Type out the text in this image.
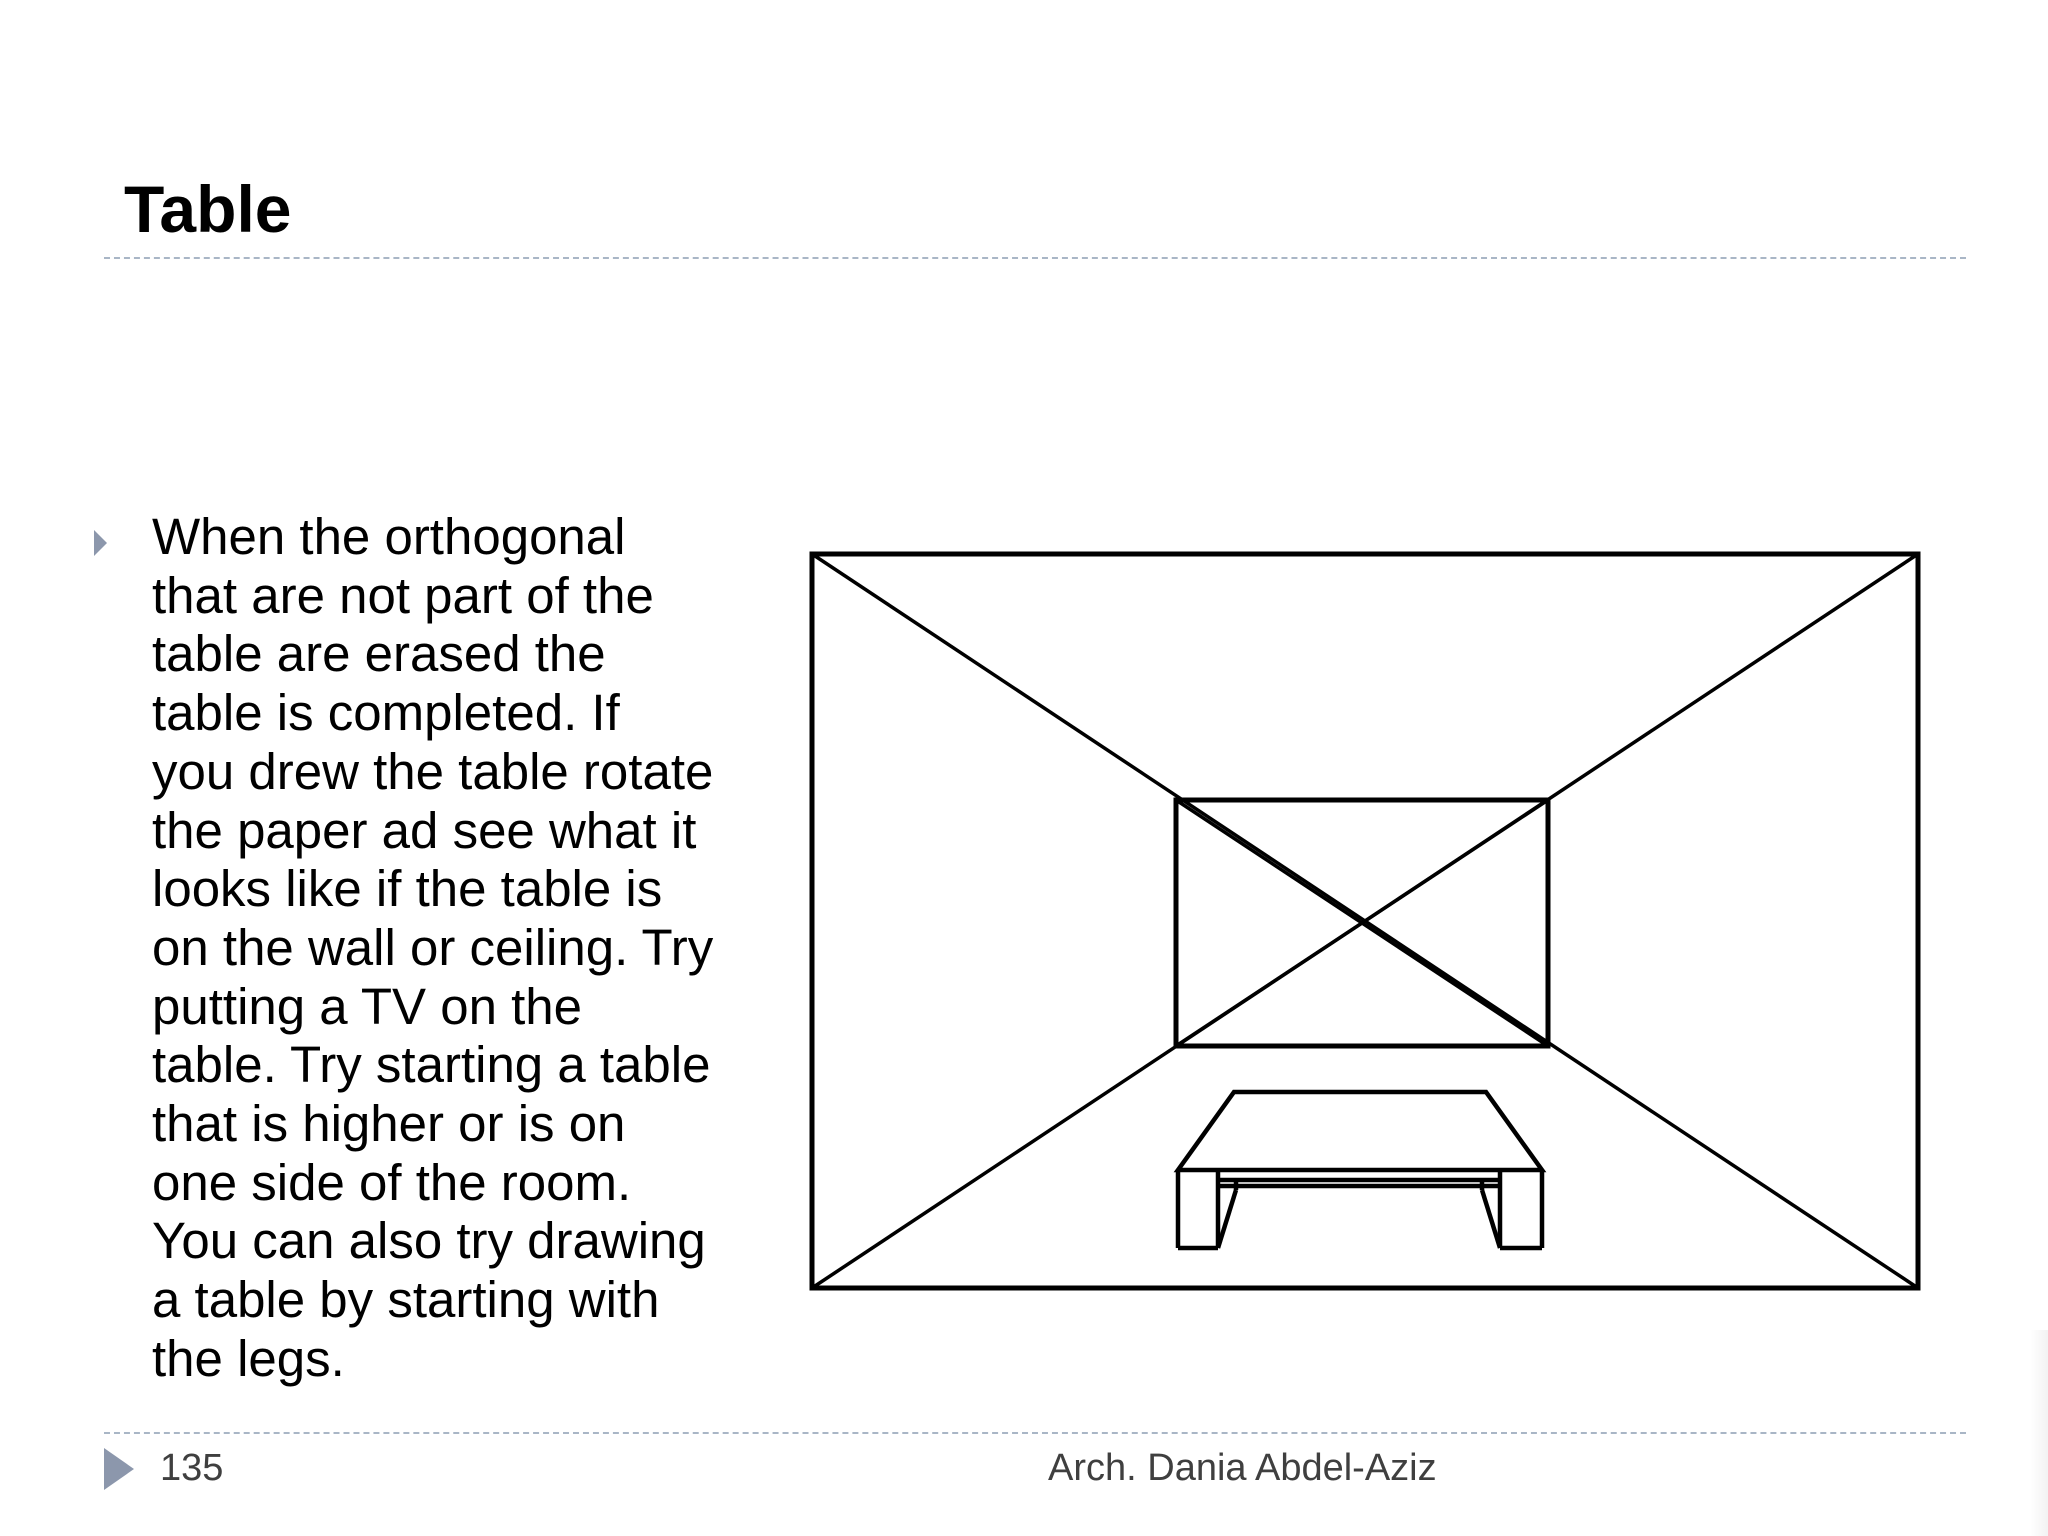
Table

When the orthogonal
that are not part of the
table are erased the
table is completed. If
you drew the table rotate
the paper ad see what it
looks like if the table is
on the wall or ceiling. Try
putting a TV on the
table. Try starting a table
that is higher or is on
one side of the room.
You can also try drawing
a table by starting with
the legs.

135	Arch. Dania Abdel-Aziz
